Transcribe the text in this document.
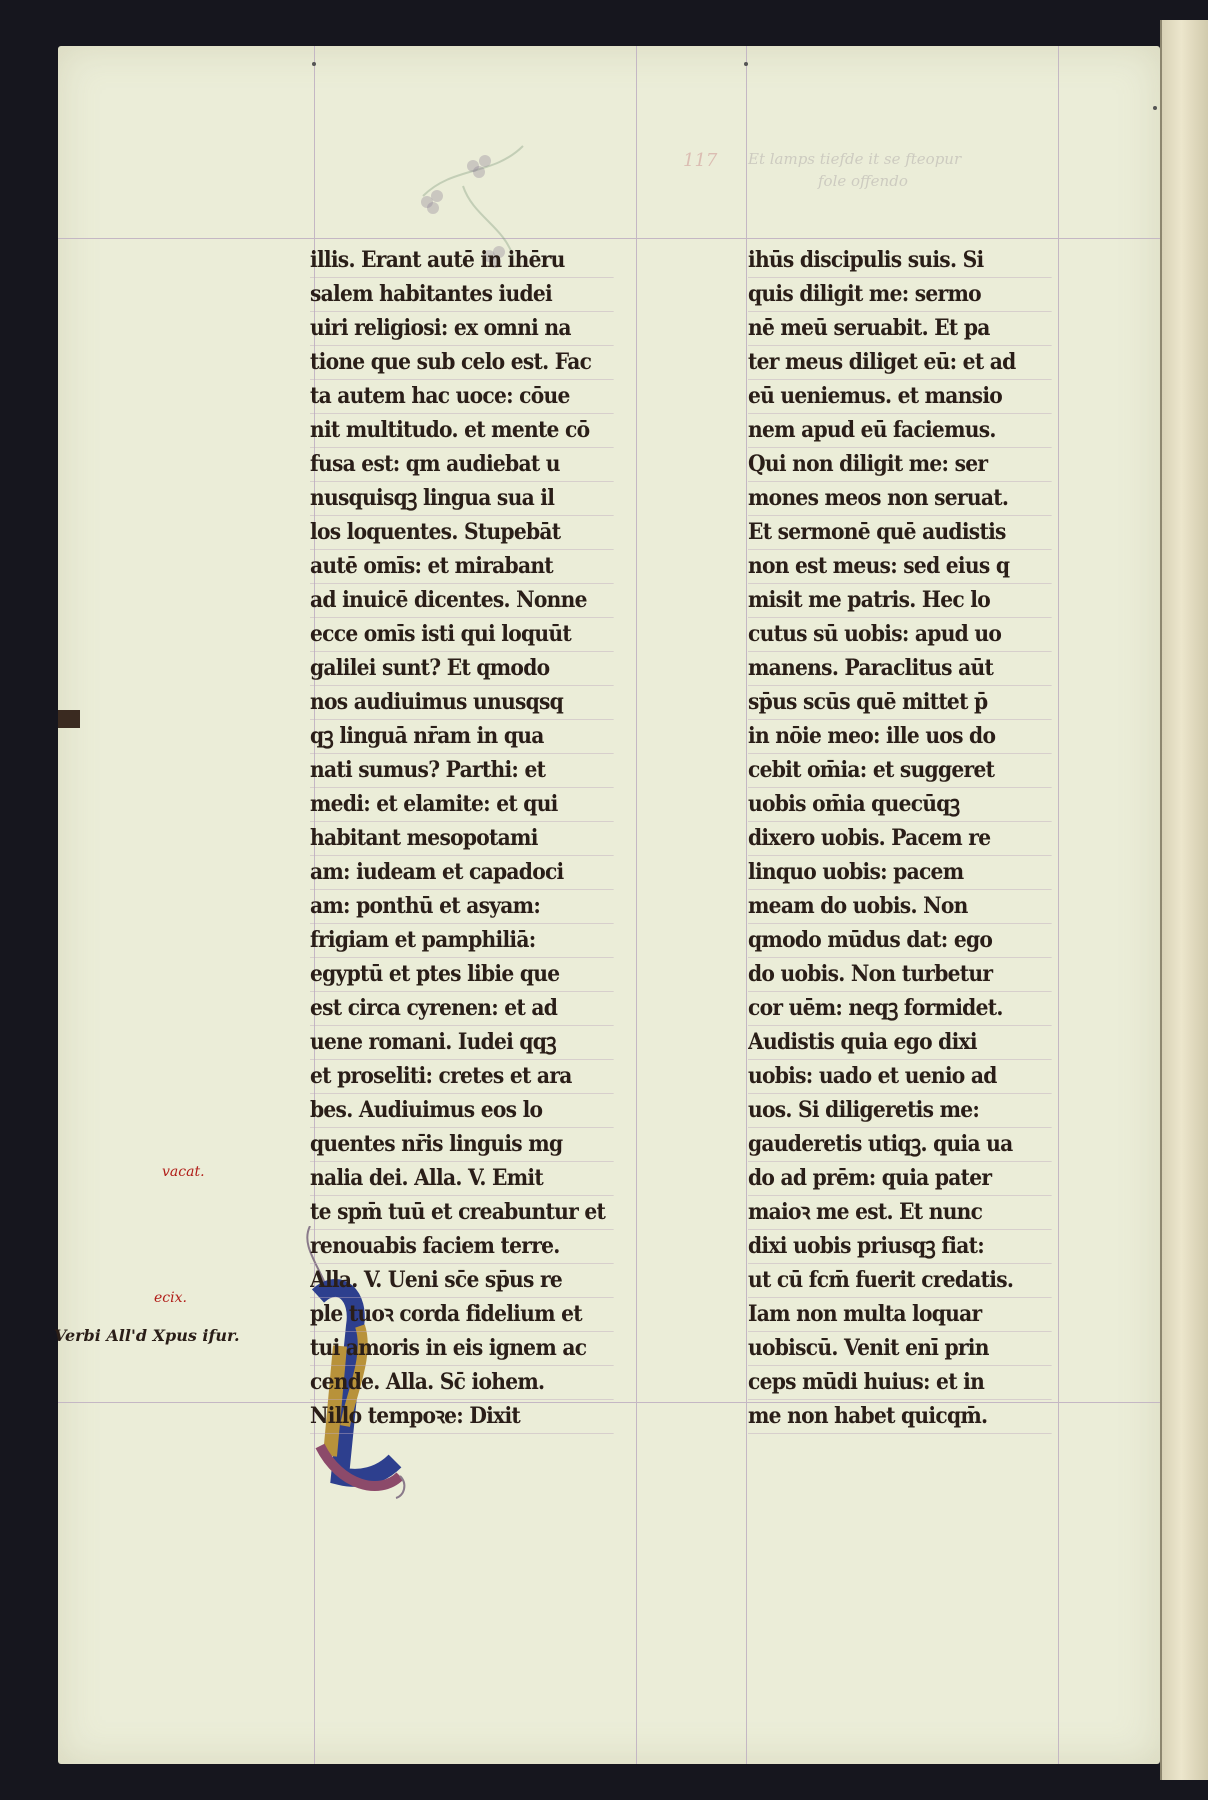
117 Et lamps tiefde it se fteopur
fole offendo
vacat.
ecix.
Verbi All'd Xpus ifur.
illis. Erant autē in ihēru
salem habitantes iudei
uiri religiosi: ex omni na
tione que sub celo est. Fac
ta autem hac uoce: cōue
nit multitudo. et mente cō
fusa est: qm audiebat u
nusquisqꝫ lingua sua il
los loquentes. Stupebāt
autē omīs: et mirabant
ad inuicē dicentes. Nonne
ecce omīs isti qui loquūt
galilei sunt? Et qmodo
nos audiuimus unusqsq
qꝫ linguā nr̄am in qua
nati sumus? Parthi: et
medi: et elamite: et qui
habitant mesopotami
am: iudeam et capadoci
am: ponthū et asyam:
frigiam et pamphiliā:
egyptū et ptes libie que
est circa cyrenen: et ad
uene romani. Iudei qqꝫ
et proseliti: cretes et ara
bes. Audiuimus eos lo
quentes nr̄is linguis mg
nalia dei. Alla. V. Emit
te spm̄ tuū et creabuntur et
renouabis faciem terre.
Alla. V. Ueni sc̄e sp̄us re
ple tuoꝛ corda fidelium et
tui amoris in eis ignem ac
cende. Alla. Sc̄ iohem.
Nillo tempoꝛe: Dixit
ihūs discipulis suis. Si
quis diligit me: sermo
nē meū seruabit. Et pa
ter meus diliget eū: et ad
eū ueniemus. et mansio
nem apud eū faciemus.
Qui non diligit me: ser
mones meos non seruat.
Et sermonē quē audistis
non est meus: sed eius q
misit me patris. Hec lo
cutus sū uobis: apud uo
manens. Paraclitus aūt
sp̄us scūs quē mittet p̄
in nōie meo: ille uos do
cebit om̄ia: et suggeret
uobis om̄ia quecūqꝫ
dixero uobis. Pacem re
linquo uobis: pacem
meam do uobis. Non
qmodo mūdus dat: ego
do uobis. Non turbetur
cor uēm: neqꝫ formidet.
Audistis quia ego dixi
uobis: uado et uenio ad
uos. Si diligeretis me:
gauderetis utiqꝫ. quia ua
do ad prēm: quia pater
maioꝛ me est. Et nunc
dixi uobis priusqꝫ fiat:
ut cū fcm̄ fuerit credatis.
Iam non multa loquar
uobiscū. Venit enī prin
ceps mūdi huius: et in
me non habet quicqm̄.
